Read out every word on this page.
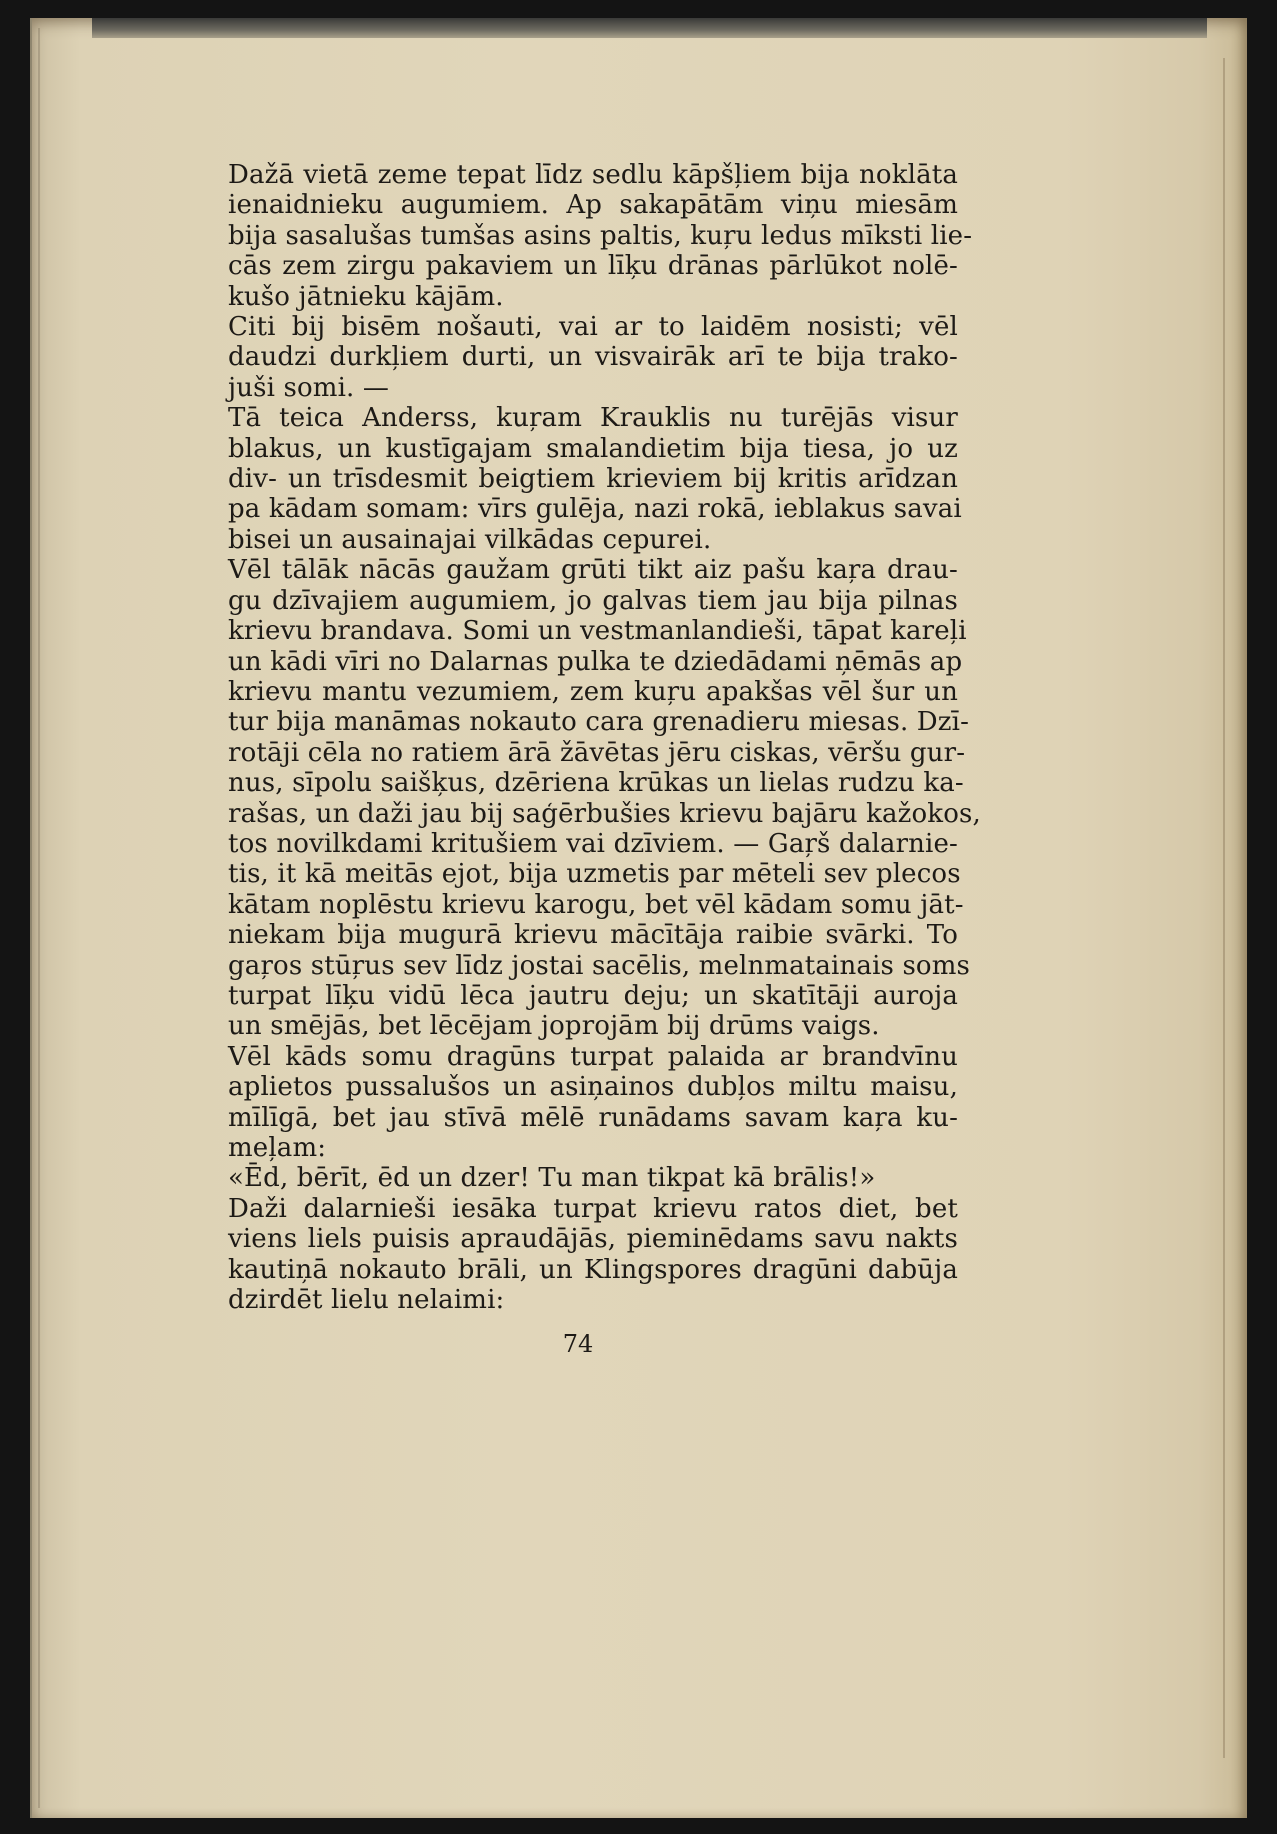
Dažā vietā zeme tepat līdz sedlu kāpšļiem bija noklāta
ienaidnieku augumiem. Ap sakapātām viņu miesām
bija sasalušas tumšas asins paltis, kuŗu ledus mīksti lie-
cās zem zirgu pakaviem un līķu drānas pārlūkot nolē-
kušo jātnieku kājām.
Citi bij bisēm nošauti, vai ar to laidēm nosisti; vēl
daudzi durkļiem durti, un visvairāk arī te bija trako-
juši somi. —
Tā teica Anderss, kuŗam Krauklis nu turējās visur
blakus, un kustīgajam smalandietim bija tiesa, jo uz
div- un trīsdesmit beigtiem krieviem bij kritis arīdzan
pa kādam somam: vīrs gulēja, nazi rokā, ieblakus savai
bisei un ausainajai vilkādas cepurei.
Vēl tālāk nācās gaužam grūti tikt aiz pašu kaŗa drau-
gu dzīvajiem augumiem, jo galvas tiem jau bija pilnas
krievu brandava. Somi un vestmanlandieši, tāpat kareļi
un kādi vīri no Dalarnas pulka te dziedādami ņēmās ap
krievu mantu vezumiem, zem kuŗu apakšas vēl šur un
tur bija manāmas nokauto cara grenadieru miesas. Dzī-
rotāji cēla no ratiem ārā žāvētas jēru ciskas, vēršu gur-
nus, sīpolu saišķus, dzēriena krūkas un lielas rudzu ka-
rašas, un daži jau bij saģērbušies krievu bajāru kažokos,
tos novilkdami kritušiem vai dzīviem. — Gaŗš dalarnie-
tis, it kā meitās ejot, bija uzmetis par mēteli sev plecos
kātam noplēstu krievu karogu, bet vēl kādam somu jāt-
niekam bija mugurā krievu mācītāja raibie svārki. To
gaŗos stūŗus sev līdz jostai sacēlis, melnmatainais soms
turpat līķu vidū lēca jautru deju; un skatītāji auroja
un smējās, bet lēcējam joprojām bij drūms vaigs.
Vēl kāds somu dragūns turpat palaida ar brandvīnu
aplietos pussalušos un asiņainos dubļos miltu maisu,
mīlīgā, bet jau stīvā mēlē runādams savam kaŗa ku-
meļam:
«Ēd, bērīt, ēd un dzer! Tu man tikpat kā brālis!»
Daži dalarnieši iesāka turpat krievu ratos diet, bet
viens liels puisis apraudājās, pieminēdams savu nakts
kautiņā nokauto brāli, un Klingspores dragūni dabūja
dzirdēt lielu nelaimi:
74
